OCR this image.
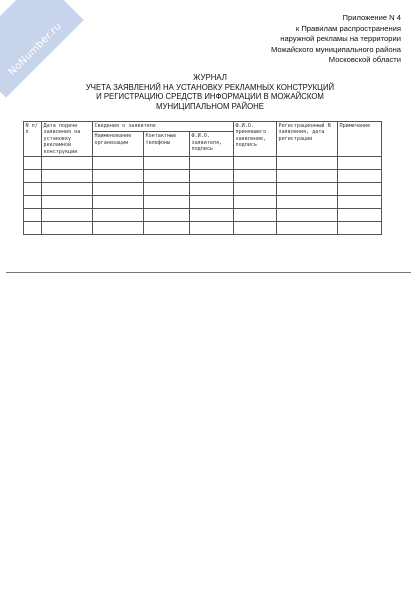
NoNumber.ru
Приложение N 4
к Правилам распространения
наружной рекламы на территории
Можайского муниципального района
Московской области
ЖУРНАЛ
УЧЕТА ЗАЯВЛЕНИЙ НА УСТАНОВКУ РЕКЛАМНЫХ КОНСТРУКЦИЙ
И РЕГИСТРАЦИЮ СРЕДСТВ ИНФОРМАЦИИ В МОЖАЙСКОМ
МУНИЦИПАЛЬНОМ РАЙОНЕ
N п/п	Дата подачи заявления на установку рекламной конструкции	Сведения о заявителе			Ф.И.О. принявшего заявление, подпись	Регистрационный N заявления, дата регистрации	Примечание
		Наименование организации	Контактные телефоны	Ф.И.О. заявителя, подпись			
